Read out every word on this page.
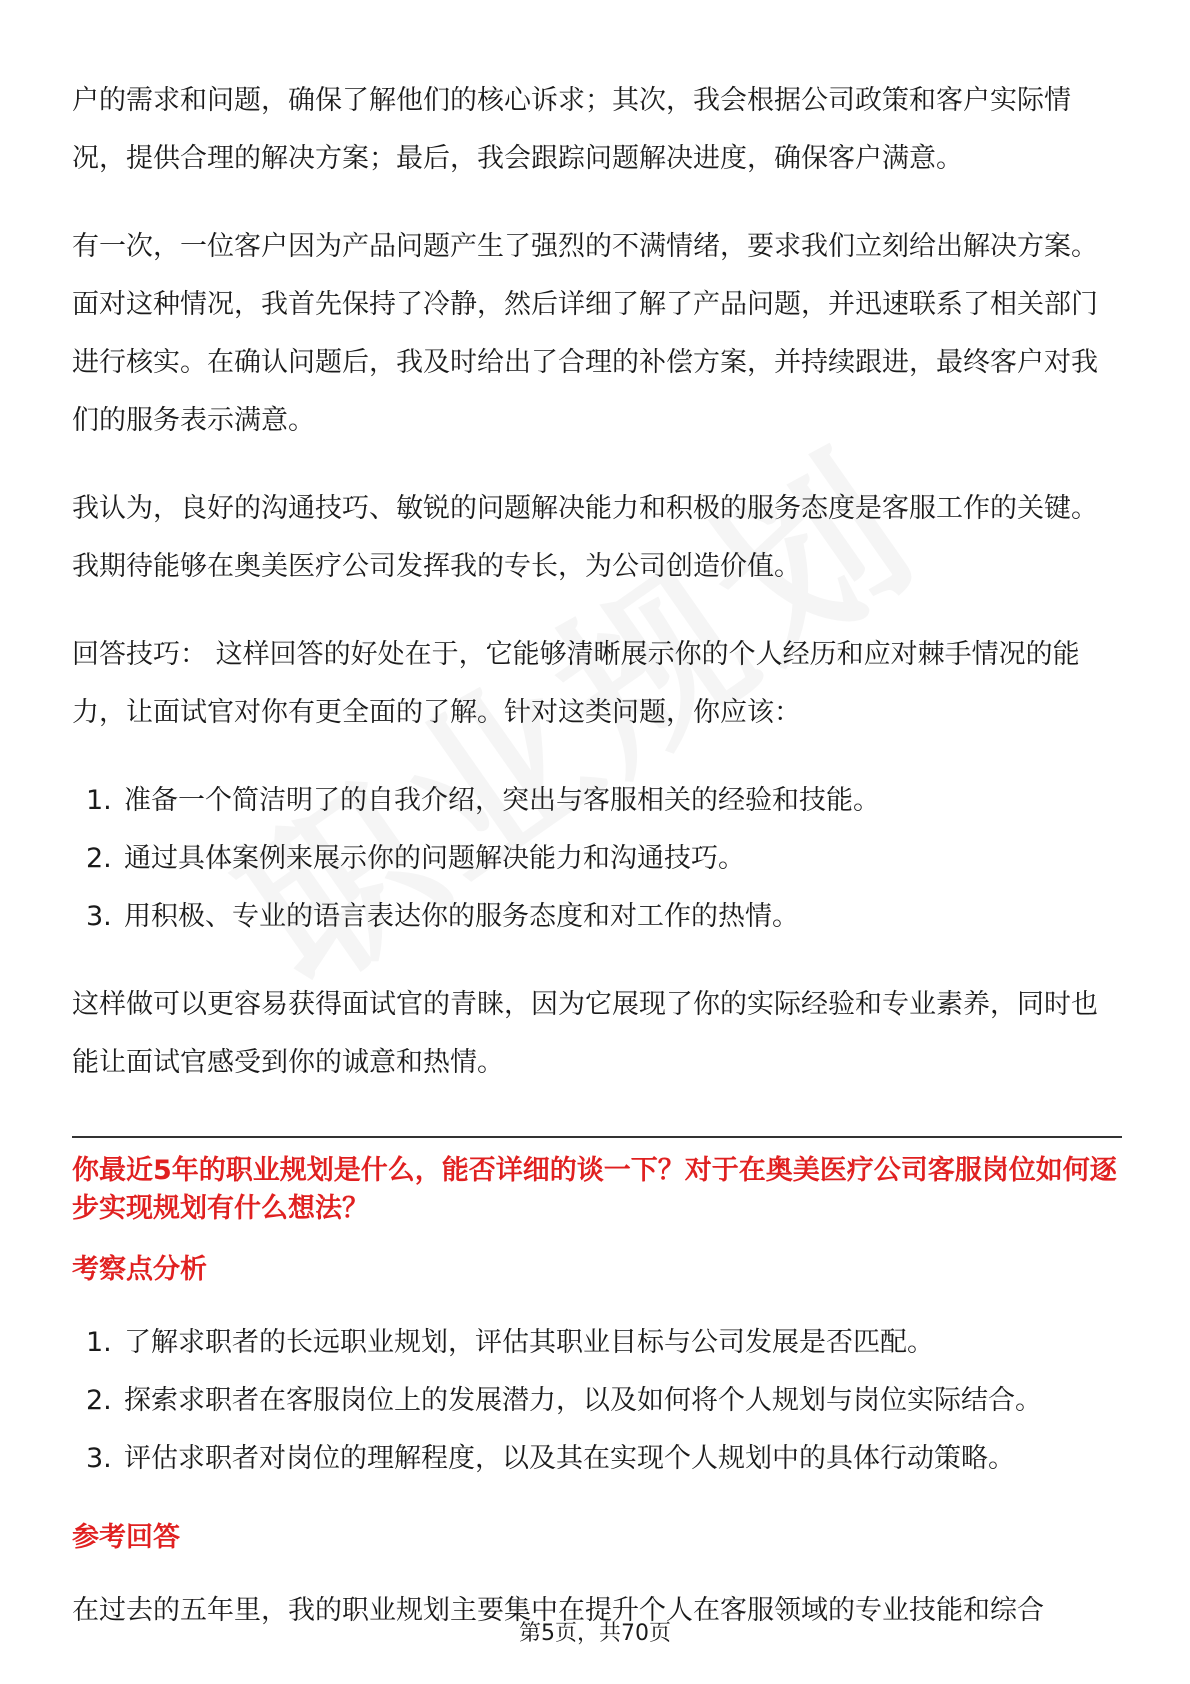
户的需求和问题，确保了解他们的核心诉求；其次，我会根据公司政策和客户实际情况，提供合理的解决方案；最后，我会跟踪问题解决进度，确保客户满意。

有一次，一位客户因为产品问题产生了强烈的不满情绪，要求我们立刻给出解决方案。面对这种情况，我首先保持了冷静，然后详细了解了产品问题，并迅速联系了相关部门进行核实。在确认问题后，我及时给出了合理的补偿方案，并持续跟进，最终客户对我们的服务表示满意。

我认为，良好的沟通技巧、敏锐的问题解决能力和积极的服务态度是客服工作的关键。我期待能够在奥美医疗公司发挥我的专长，为公司创造价值。

回答技巧： 这样回答的好处在于，它能够清晰展示你的个人经历和应对棘手情况的能力，让面试官对你有更全面的了解。针对这类问题，你应该：

1. 准备一个简洁明了的自我介绍，突出与客服相关的经验和技能。
2. 通过具体案例来展示你的问题解决能力和沟通技巧。
3. 用积极、专业的语言表达你的服务态度和对工作的热情。

这样做可以更容易获得面试官的青睐，因为它展现了你的实际经验和专业素养，同时也能让面试官感受到你的诚意和热情。

你最近5年的职业规划是什么，能否详细的谈一下？对于在奥美医疗公司客服岗位如何逐步实现规划有什么想法？
考察点分析
1. 了解求职者的长远职业规划，评估其职业目标与公司发展是否匹配。
2. 探索求职者在客服岗位上的发展潜力，以及如何将个人规划与岗位实际结合。
3. 评估求职者对岗位的理解程度，以及其在实现个人规划中的具体行动策略。
参考回答

在过去的五年里，我的职业规划主要集中在提升个人在客服领域的专业技能和综合

第5页，共70页
